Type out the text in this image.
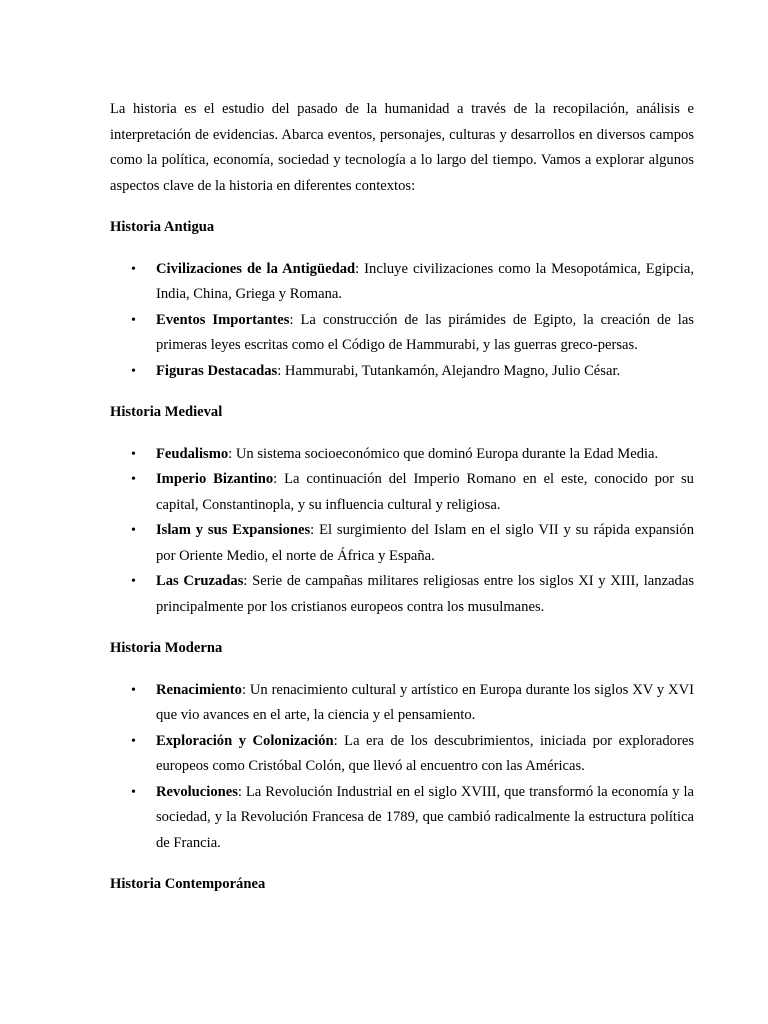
La historia es el estudio del pasado de la humanidad a través de la recopilación, análisis e interpretación de evidencias. Abarca eventos, personajes, culturas y desarrollos en diversos campos como la política, economía, sociedad y tecnología a lo largo del tiempo. Vamos a explorar algunos aspectos clave de la historia en diferentes contextos:

Historia Antigua
• Civilizaciones de la Antigüedad: Incluye civilizaciones como la Mesopotámica, Egipcia, India, China, Griega y Romana.
• Eventos Importantes: La construcción de las pirámides de Egipto, la creación de las primeras leyes escritas como el Código de Hammurabi, y las guerras greco-persas.
• Figuras Destacadas: Hammurabi, Tutankamón, Alejandro Magno, Julio César.
Historia Medieval
• Feudalismo: Un sistema socioeconómico que dominó Europa durante la Edad Media.
• Imperio Bizantino: La continuación del Imperio Romano en el este, conocido por su capital, Constantinopla, y su influencia cultural y religiosa.
• Islam y sus Expansiones: El surgimiento del Islam en el siglo VII y su rápida expansión por Oriente Medio, el norte de África y España.
• Las Cruzadas: Serie de campañas militares religiosas entre los siglos XI y XIII, lanzadas principalmente por los cristianos europeos contra los musulmanes.
Historia Moderna
• Renacimiento: Un renacimiento cultural y artístico en Europa durante los siglos XV y XVI que vio avances en el arte, la ciencia y el pensamiento.
• Exploración y Colonización: La era de los descubrimientos, iniciada por exploradores europeos como Cristóbal Colón, que llevó al encuentro con las Américas.
• Revoluciones: La Revolución Industrial en el siglo XVIII, que transformó la economía y la sociedad, y la Revolución Francesa de 1789, que cambió radicalmente la estructura política de Francia.
Historia Contemporánea
